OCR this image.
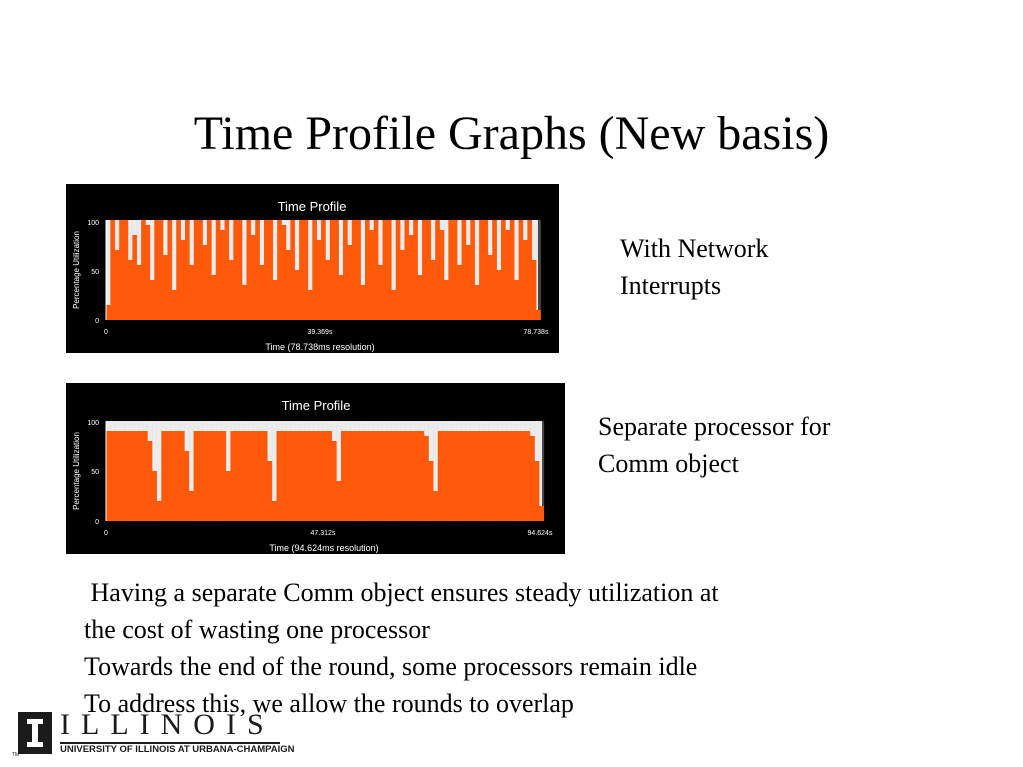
Time Profile Graphs (New basis)
Time Profile
Percentage Utilization
Time (78.738ms resolution)
100
50
0
0	39.369s	78.738s
With Network
Interrupts
Time Profile
Percentage Utilization
Time (94.624ms resolution)
100
50
0
0	47.312s	94.624s
Separate processor for
Comm object

Having a separate Comm object ensures steady utilization at

the cost of wasting one processor

Towards the end of the round, some processors remain idle

To address this, we allow the rounds to overlap

ILLINOIS
UNIVERSITY OF ILLINOIS AT URBANA-CHAMPAIGN
TM
